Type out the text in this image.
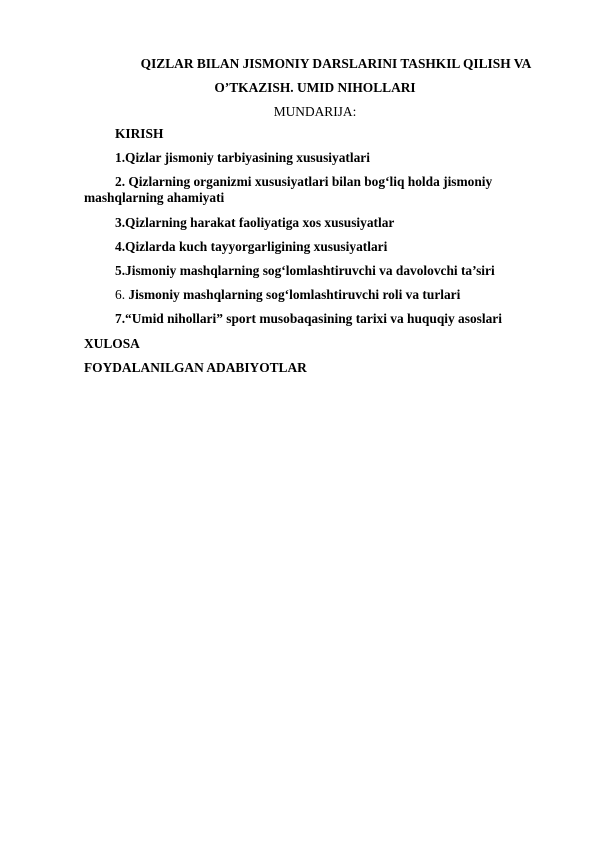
QIZLAR BILAN JISMONIY DARSLARINI TASHKIL QILISH VA
O’TKAZISH. UMID NIHOLLARI
MUNDARIJA:
KIRISH
1.Qizlar jismoniy tarbiyasining xususiyatlari
2. Qizlarning organizmi xususiyatlari bilan bog‘liq holda jismoniy mashqlarning ahamiyati
3.Qizlarning harakat faoliyatiga xos xususiyatlar
4.Qizlarda kuch tayyorgarligining xususiyatlari
5.Jismoniy mashqlarning sog‘lomlashtiruvchi va davolovchi ta’siri
6. Jismoniy mashqlarning sog‘lomlashtiruvchi roli va turlari
7.“Umid nihollari” sport musobaqasining tarixi va huquqiy asoslari
XULOSA
FOYDALANILGAN ADABIYOTLAR
